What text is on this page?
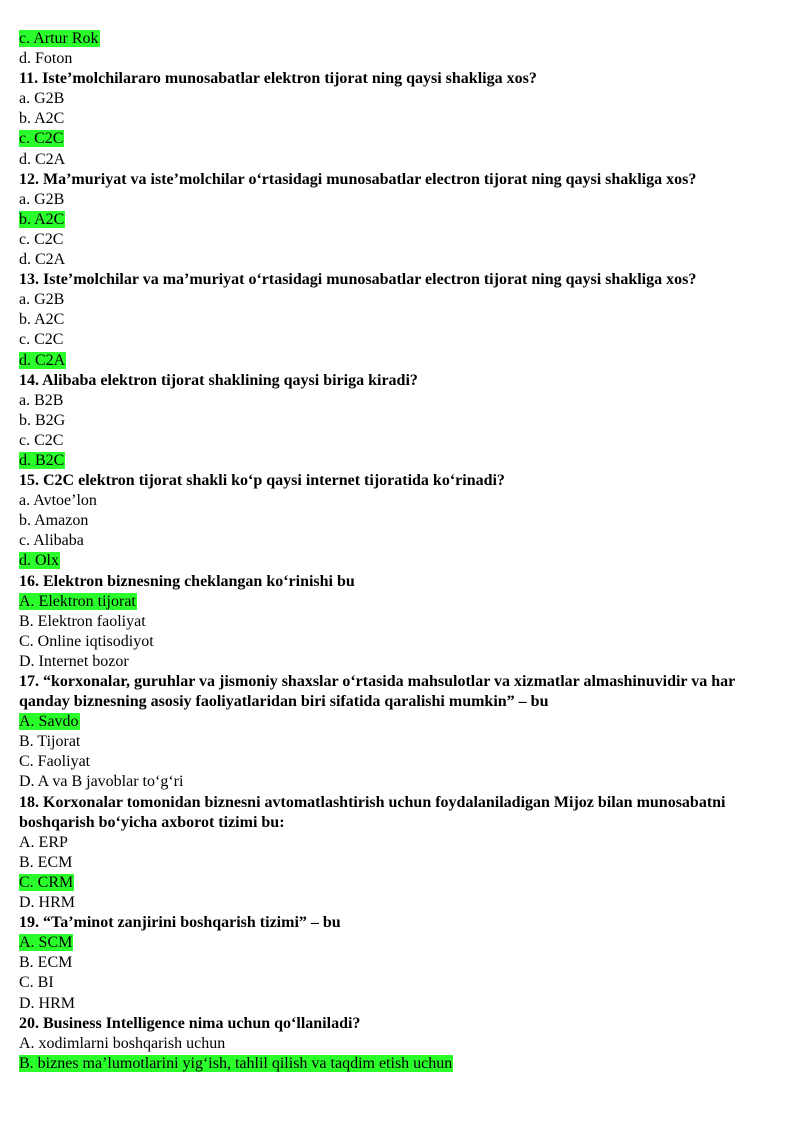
c. Artur Rok
d. Foton
11. Iste’molchilararo munosabatlar elektron tijorat ning qaysi shakliga xos?
a. G2B
b. A2C
c. C2C
d. C2A
12. Ma’muriyat va iste’molchilar o‘rtasidagi munosabatlar electron tijorat ning qaysi shakliga xos?
a. G2B
b. A2C
c. C2C
d. C2A
13. Iste’molchilar va ma’muriyat o‘rtasidagi munosabatlar electron tijorat ning qaysi shakliga xos?
a. G2B
b. A2C
c. C2C
d. C2A
14. Alibaba elektron tijorat shaklining qaysi biriga kiradi?
a. B2B
b. B2G
c. C2C
d. B2C
15. C2C elektron tijorat shakli ko‘p qaysi internet tijoratida ko‘rinadi?
a. Avtoe’lon
b. Amazon
c. Alibaba
d. Olx
16. Elektron biznesning cheklangan ko‘rinishi bu
A. Elektron tijorat
B. Elektron faoliyat
C. Online iqtisodiyot
D. Internet bozor
17. “korxonalar, guruhlar va jismoniy shaxslar o‘rtasida mahsulotlar va xizmatlar almashinuvidir va har qanday biznesning asosiy faoliyatlaridan biri sifatida qaralishi mumkin” – bu
A. Savdo
B. Tijorat
C. Faoliyat
D. A va B javoblar to‘g‘ri
18. Korxonalar tomonidan biznesni avtomatlashtirish uchun foydalaniladigan Mijoz bilan munosabatni boshqarish bo‘yicha axborot tizimi bu:
A. ERP
B. ECM
C. CRM
D. HRM
19. “Ta’minot zanjirini boshqarish tizimi” – bu
A. SCM
B. ECM
C. BI
D. HRM
20. Business Intelligence nima uchun qo‘llaniladi?
A. xodimlarni boshqarish uchun
B. biznes ma’lumotlarini yig‘ish, tahlil qilish va taqdim etish uchun
